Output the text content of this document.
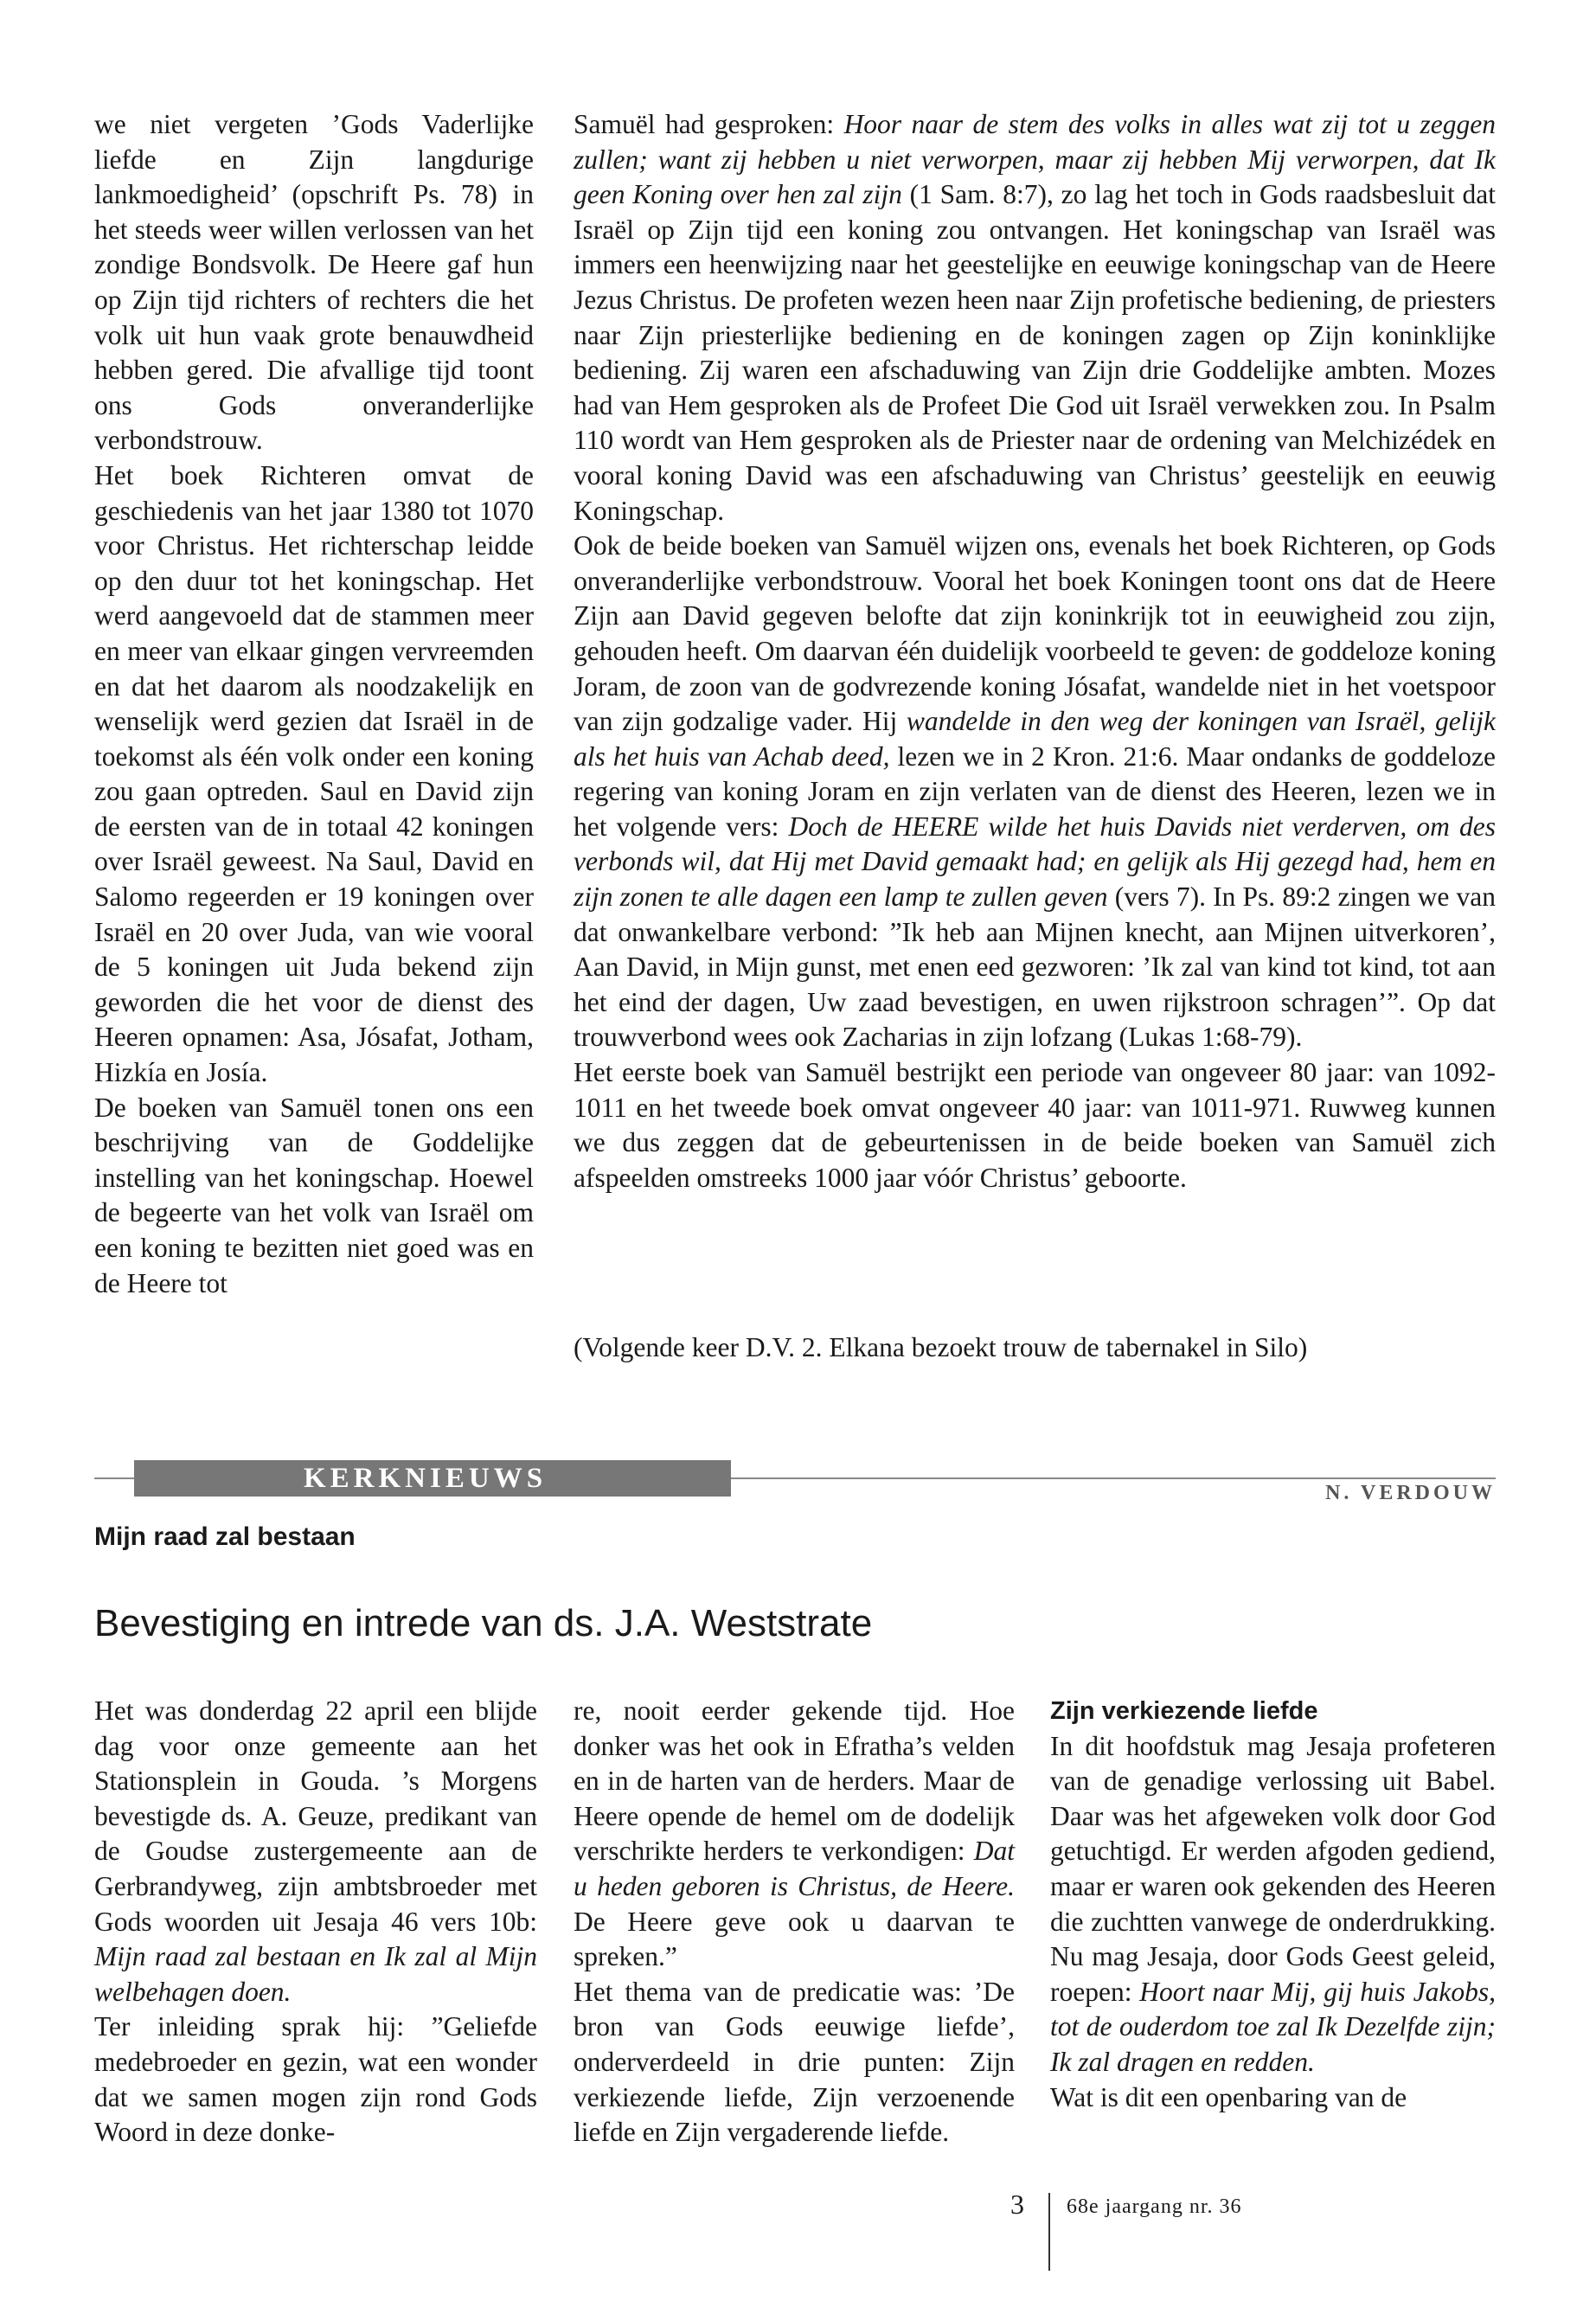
we niet vergeten ’Gods Vaderlijke liefde en Zijn langdurige lankmoedigheid’ (opschrift Ps. 78) in het steeds weer willen verlossen van het zondige Bondsvolk. De Heere gaf hun op Zijn tijd richters of rechters die het volk uit hun vaak grote benauwdheid hebben gered. Die afvallige tijd toont ons Gods onveranderlijke verbondstrouw.

Het boek Richteren omvat de geschiedenis van het jaar 1380 tot 1070 voor Christus. Het richterschap leidde op den duur tot het koningschap. Het werd aangevoeld dat de stammen meer en meer van elkaar gingen vervreemden en dat het daarom als noodzakelijk en wenselijk werd gezien dat Israël in de toekomst als één volk onder een koning zou gaan optreden. Saul en David zijn de eersten van de in totaal 42 koningen over Israël geweest. Na Saul, David en Salomo regeerden er 19 koningen over Israël en 20 over Juda, van wie vooral de 5 koningen uit Juda bekend zijn geworden die het voor de dienst des Heeren opnamen: Asa, Jósafat, Jotham, Hizkía en Josía.

De boeken van Samuël tonen ons een beschrijving van de Goddelijke instelling van het koningschap. Hoewel de begeerte van het volk van Israël om een koning te bezitten niet goed was en de Heere tot

Samuël had gesproken: Hoor naar de stem des volks in alles wat zij tot u zeggen zullen; want zij hebben u niet verworpen, maar zij hebben Mij verworpen, dat Ik geen Koning over hen zal zijn (1 Sam. 8:7), zo lag het toch in Gods raadsbesluit dat Israël op Zijn tijd een koning zou ontvangen. Het koningschap van Israël was immers een heenwijzing naar het geestelijke en eeuwige koningschap van de Heere Jezus Christus. De profeten wezen heen naar Zijn profetische bediening, de priesters naar Zijn priesterlijke bediening en de koningen zagen op Zijn koninklijke bediening. Zij waren een afschaduwing van Zijn drie Goddelijke ambten. Mozes had van Hem gesproken als de Profeet Die God uit Israël verwekken zou. In Psalm 110 wordt van Hem gesproken als de Priester naar de ordening van Melchizédek en vooral koning David was een afschaduwing van Christus’ geestelijk en eeuwig Koningschap.

Ook de beide boeken van Samuël wijzen ons, evenals het boek Richteren, op Gods onveranderlijke verbondstrouw. Vooral het boek Koningen toont ons dat de Heere Zijn aan David gegeven belofte dat zijn koninkrijk tot in eeuwigheid zou zijn, gehouden heeft. Om daarvan één duidelijk voorbeeld te geven: de goddeloze koning Joram, de zoon van de godvrezende koning Jósafat, wandelde niet in het voetspoor van zijn godzalige vader. Hij wandelde in den weg der koningen van Israël, gelijk als het huis van Achab deed, lezen we in 2 Kron. 21:6. Maar ondanks de goddeloze regering van koning Joram en zijn verlaten van de dienst des Heeren, lezen we in het volgende vers: Doch de HEERE wilde het huis Davids niet verderven, om des verbonds wil, dat Hij met David gemaakt had; en gelijk als Hij gezegd had, hem en zijn zonen te alle dagen een lamp te zullen geven (vers 7). In Ps. 89:2 zingen we van dat onwankelbare verbond: ”Ik heb aan Mijnen knecht, aan Mijnen uitverkoren’, Aan David, in Mijn gunst, met enen eed gezworen: ’Ik zal van kind tot kind, tot aan het eind der dagen, Uw zaad bevestigen, en uwen rijkstroon schragen’”. Op dat trouwverbond wees ook Zacharias in zijn lofzang (Lukas 1:68-79).

Het eerste boek van Samuël bestrijkt een periode van ongeveer 80 jaar: van 1092-1011 en het tweede boek omvat ongeveer 40 jaar: van 1011-971. Ruwweg kunnen we dus zeggen dat de gebeurtenissen in de beide boeken van Samuël zich afspeelden omstreeks 1000 jaar vóór Christus’ geboorte.

(Volgende keer D.V. 2. Elkana bezoekt trouw de tabernakel in Silo)
KERKNIEUWS	N. VERDOUW
Mijn raad zal bestaan
Bevestiging en intrede van ds. J.A. Weststrate

Het was donderdag 22 april een blijde dag voor onze gemeente aan het Stationsplein in Gouda. ’s Morgens bevestigde ds. A. Geuze, predikant van de Goudse zustergemeente aan de Gerbrandyweg, zijn ambtsbroeder met Gods woorden uit Jesaja 46 vers 10b: Mijn raad zal bestaan en Ik zal al Mijn welbehagen doen.

Ter inleiding sprak hij: ”Geliefde medebroeder en gezin, wat een wonder dat we samen mogen zijn rond Gods Woord in deze donke-

re, nooit eerder gekende tijd. Hoe donker was het ook in Efratha’s velden en in de harten van de herders. Maar de Heere opende de hemel om de dodelijk verschrikte herders te verkondigen: Dat u heden geboren is Christus, de Heere. De Heere geve ook u daarvan te spreken.”

Het thema van de predicatie was: ’De bron van Gods eeuwige liefde’, onderverdeeld in drie punten: Zijn verkiezende liefde, Zijn verzoenende liefde en Zijn vergaderende liefde.

Zijn verkiezende liefde

In dit hoofdstuk mag Jesaja profeteren van de genadige verlossing uit Babel. Daar was het afgeweken volk door God getuchtigd. Er werden afgoden gediend, maar er waren ook gekenden des Heeren die zuchtten vanwege de onderdrukking. Nu mag Jesaja, door Gods Geest geleid, roepen: Hoort naar Mij, gij huis Jakobs, tot de ouderdom toe zal Ik Dezelfde zijn; Ik zal dragen en redden.

Wat is dit een openbaring van de

3 68e jaargang nr. 36
